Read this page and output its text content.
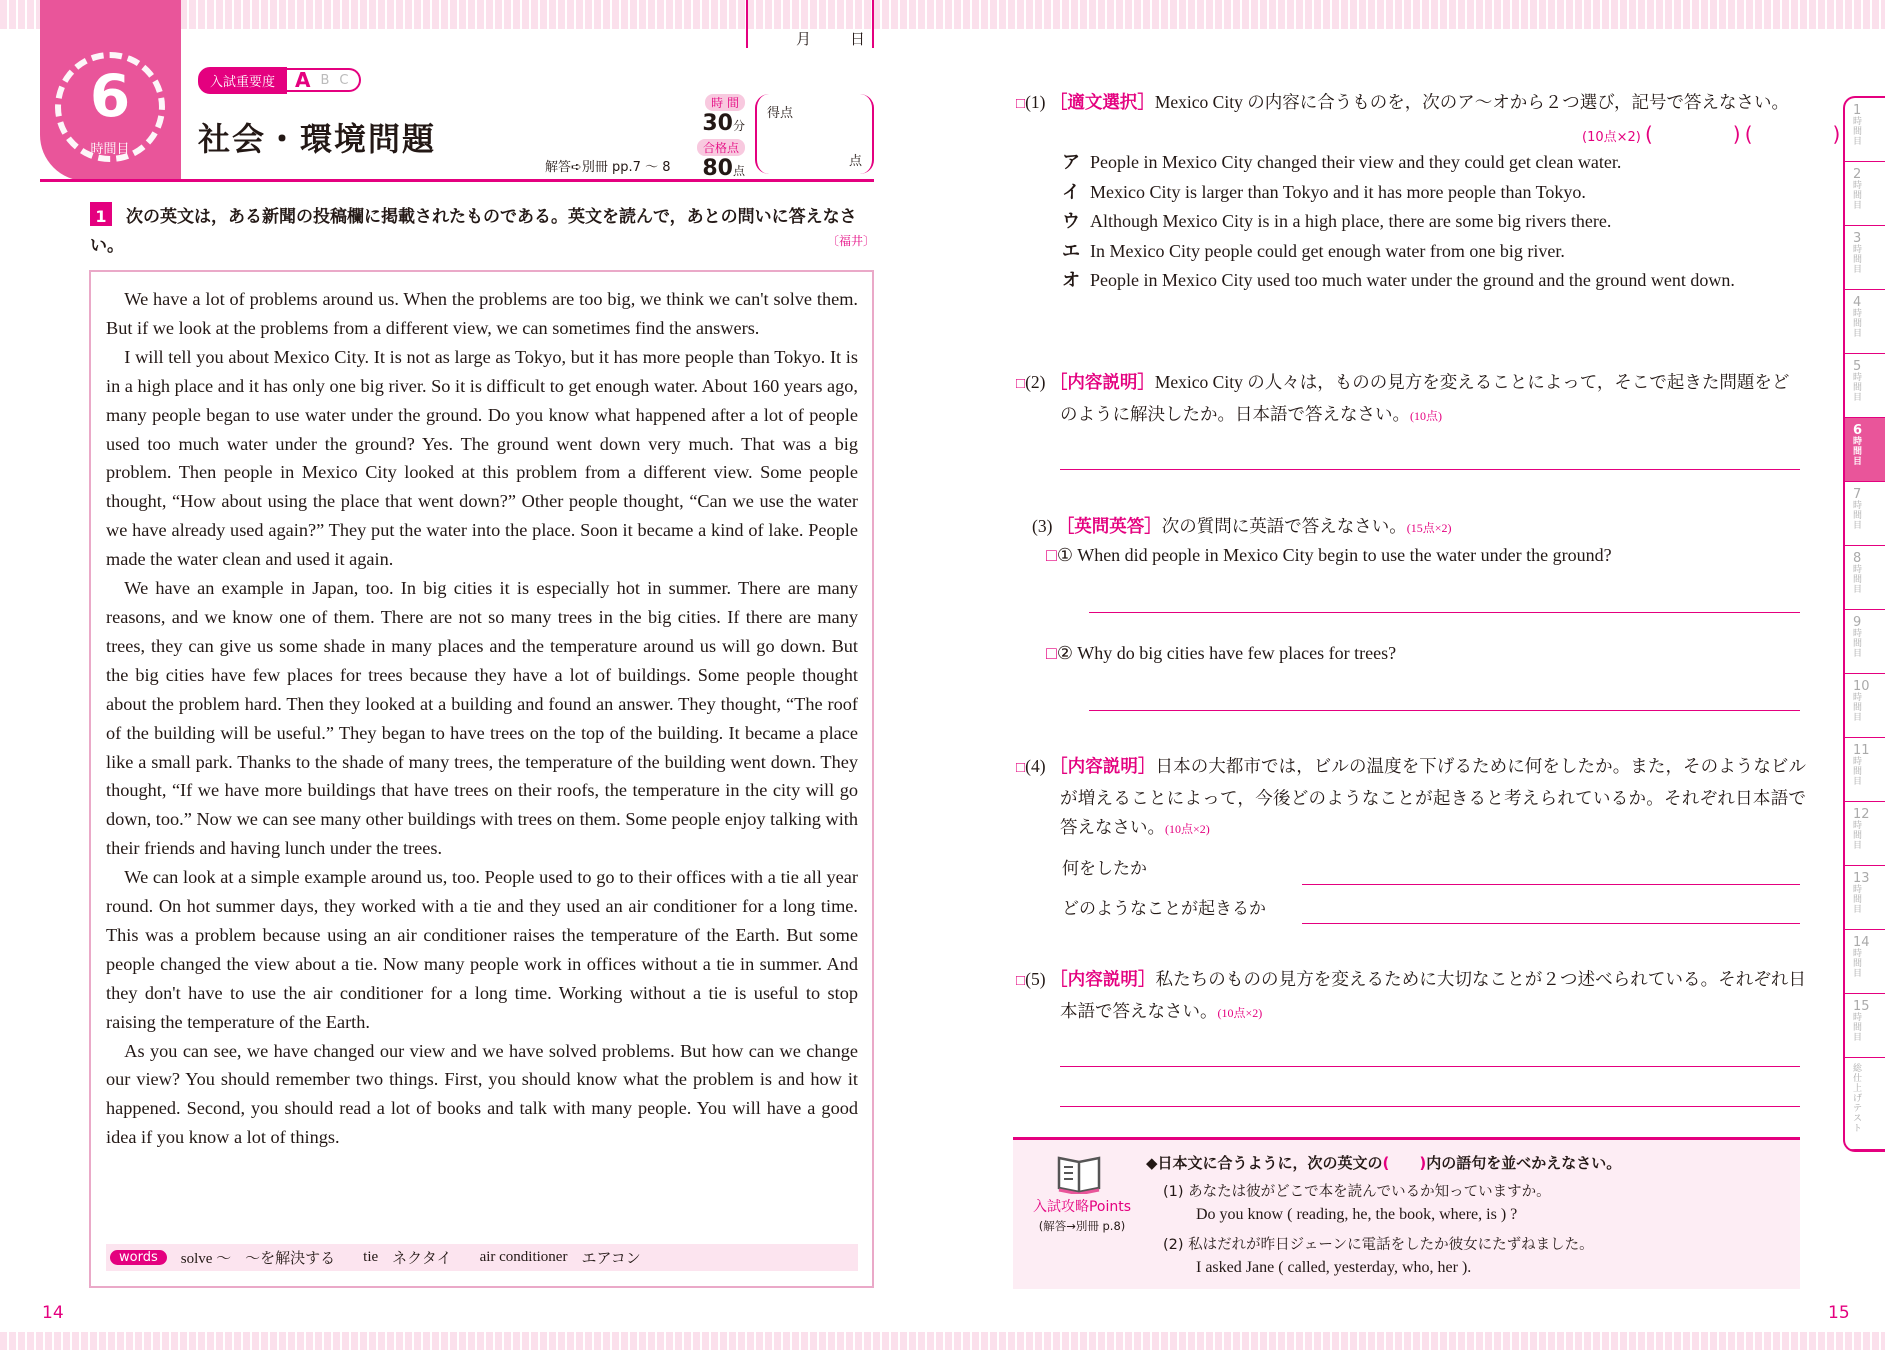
6
時間目
月	日
入試重要度	A B C
社会・環境問題
解答➪別冊 pp.7 ～ 8
時 間
30分
合格点
80点
得点
点
1 次の英文は，ある新聞の投稿欄に掲載されたものである。英文を読んで，あとの問いに答えなさい。	〔福井〕

We have a lot of problems around us. When the problems are too big, we think we can't solve them. But if we look at the problems from a different view, we can sometimes find the answers.

I will tell you about Mexico City. It is not as large as Tokyo, but it has more people than Tokyo. It is in a high place and it has only one big river. So it is difficult to get enough water. About 160 years ago, many people began to use water under the ground. Do you know what happened after a lot of people used too much water under the ground? Yes. The ground went down very much. That was a big problem. Then people in Mexico City looked at this problem from a different view. Some people thought, “How about using the place that went down?” Other people thought, “Can we use the water we have already used again?” They put the water into the place. Soon it became a kind of lake. People made the water clean and used it again.

We have an example in Japan, too. In big cities it is especially hot in summer. There are many reasons, and we know one of them. There are not so many trees in the big cities. If there are many trees, they can give us some shade in many places and the temperature around us will go down. But the big cities have few places for trees because they have a lot of buildings. Some people thought about the problem hard. Then they looked at a building and found an answer. They thought, “The roof of the building will be useful.” They began to have trees on the top of the building. It became a place like a small park. Thanks to the shade of many trees, the temperature of the building went down. They thought, “If we have more buildings that have trees on their roofs, the temperature in the city will go down, too.” Now we can see many other buildings with trees on them. Some people enjoy talking with their friends and having lunch under the trees.

We can look at a simple example around us, too. People used to go to their offices with a tie all year round. On hot summer days, they worked with a tie and they used an air conditioner for a long time. This was a problem because using an air conditioner raises the temperature of the Earth. But some people changed the view about a tie. Now many people work in offices without a tie in summer. And they don't have to use the air conditioner for a long time. Working without a tie is useful to stop raising the temperature of the Earth.

As you can see, we have changed our view and we have solved problems. But how can we change our view? You should remember two things. First, you should know what the problem is and how it happened. Second, you should read a lot of books and talk with many people. You will have a good idea if you know a lot of things.

words	solve ～ ～を解決する tie ネクタイ air conditioner エアコン
14
□(1) ［適文選択］Mexico City の内容に合うものを，次のア～オから２つ選び，記号で答えなさい。
(10点×2) (　　　　) (　　　　)
ア People in Mexico City changed their view and they could get clean water.
イ Mexico City is larger than Tokyo and it has more people than Tokyo.
ウ Although Mexico City is in a high place, there are some big rivers there.
エ In Mexico City people could get enough water from one big river.
オ People in Mexico City used too much water under the ground and the ground went down.
□(2) ［内容説明］Mexico City の人々は，ものの見方を変えることによって，そこで起きた問題をどのように解決したか。日本語で答えなさい。(10点)
(3) ［英問英答］次の質問に英語で答えなさい。(15点×2)
□① When did people in Mexico City begin to use the water under the ground?
□② Why do big cities have few places for trees?
□(4) ［内容説明］日本の大都市では，ビルの温度を下げるために何をしたか。また，そのようなビルが増えることによって，今後どのようなことが起きると考えられているか。それぞれ日本語で答えなさい。(10点×2)
何をしたか
どのようなことが起きるか
□(5) ［内容説明］私たちのものの見方を変えるために大切なことが２つ述べられている。それぞれ日本語で答えなさい。(10点×2)
入試攻略Points
(解答→別冊 p.8)
◆日本文に合うように，次の英文の(　　)内の語句を並べかえなさい。
(1) あなたは彼がどこで本を読んでいるか知っていますか。
Do you know ( reading, he, the book, where, is ) ?
(2) 私はだれが昨日ジェーンに電話をしたか彼女にたずねました。
I asked Jane ( called, yesterday, who, her ).
15
1
時間目
2
時間目
3
時間目
4
時間目
5
時間目
6
時間目
7
時間目
8
時間目
9
時間目
10
時間目
11
時間目
12
時間目
13
時間目
14
時間目
15
時間目
総仕上げテスト
